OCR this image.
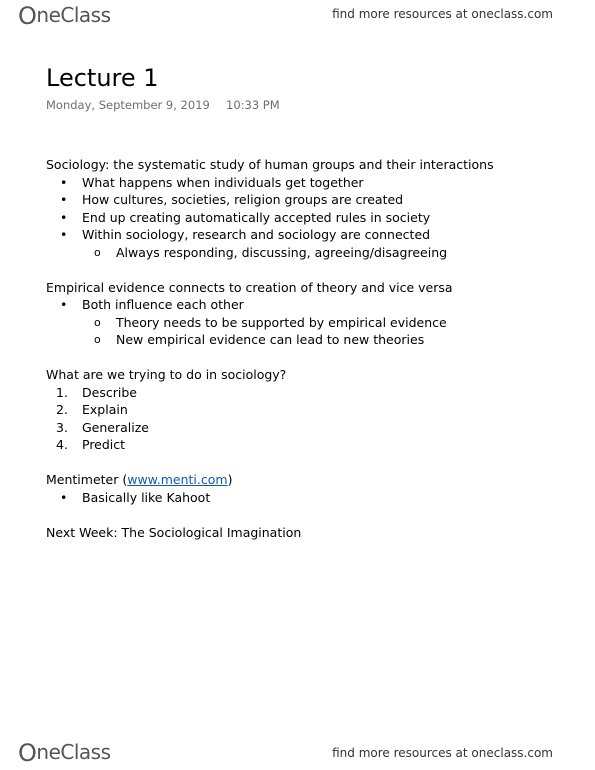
O neClass	find more resources at oneclass.com
Lecture 1
Monday, September 9, 2019 10:33 PM

Sociology: the systematic study of human groups and their interactions

• What happens when individuals get together
• How cultures, societies, religion groups are created
• End up creating automatically accepted rules in society
• Within sociology, research and sociology are connected
o Always responding, discussing, agreeing/disagreeing

Empirical evidence connects to creation of theory and vice versa

• Both influence each other
o Theory needs to be supported by empirical evidence
o New empirical evidence can lead to new theories

What are we trying to do in sociology?

1. Describe
2. Explain
3. Generalize
4. Predict

Mentimeter (www.menti.com)

• Basically like Kahoot

Next Week: The Sociological Imagination

O neClass	find more resources at oneclass.com
